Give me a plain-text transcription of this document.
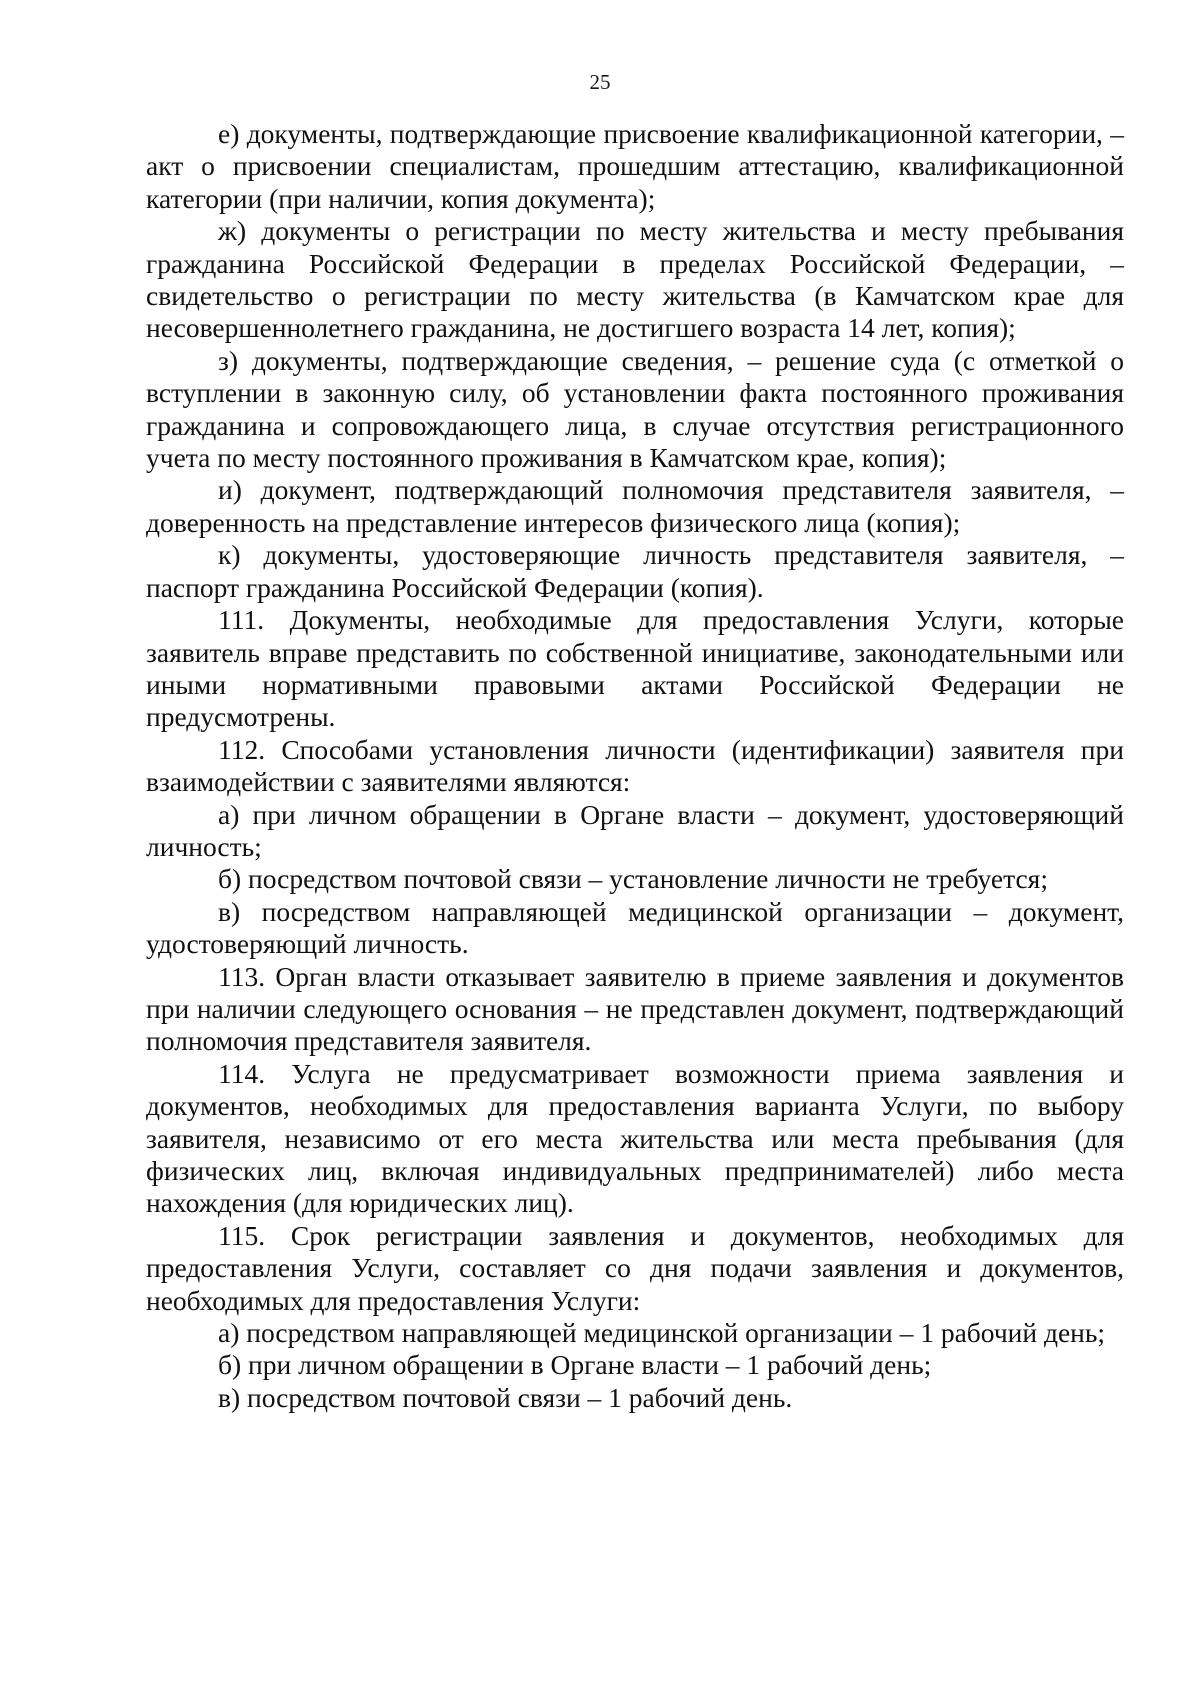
25

е) документы, подтверждающие присвоение квалификационной категории, – акт о присвоении специалистам, прошедшим аттестацию, квалификационной категории (при наличии, копия документа);

ж) документы о регистрации по месту жительства и месту пребывания гражданина Российской Федерации в пределах Российской Федерации, – свидетельство о регистрации по месту жительства (в Камчатском крае для несовершеннолетнего гражданина, не достигшего возраста 14 лет, копия);

з) документы, подтверждающие сведения, – решение суда (с отметкой о вступлении в законную силу, об установлении факта постоянного проживания гражданина и сопровождающего лица, в случае отсутствия регистрационного учета по месту постоянного проживания в Камчатском крае, копия);

и) документ, подтверждающий полномочия представителя заявителя, – доверенность на представление интересов физического лица (копия);

к) документы, удостоверяющие личность представителя заявителя, – паспорт гражданина Российской Федерации (копия).

111. Документы, необходимые для предоставления Услуги, которые заявитель вправе представить по собственной инициативе, законодательными или иными нормативными правовыми актами Российской Федерации не предусмотрены.

112. Способами установления личности (идентификации) заявителя при взаимодействии с заявителями являются:

а) при личном обращении в Органе власти – документ, удостоверяющий личность;

б) посредством почтовой связи – установление личности не требуется;

в) посредством направляющей медицинской организации – документ, удостоверяющий личность.

113. Орган власти отказывает заявителю в приеме заявления и документов при наличии следующего основания – не представлен документ, подтверждающий полномочия представителя заявителя.

114. Услуга не предусматривает возможности приема заявления и документов, необходимых для предоставления варианта Услуги, по выбору заявителя, независимо от его места жительства или места пребывания (для физических лиц, включая индивидуальных предпринимателей) либо места нахождения (для юридических лиц).

115. Срок регистрации заявления и документов, необходимых для предоставления Услуги, составляет со дня подачи заявления и документов, необходимых для предоставления Услуги:

а) посредством направляющей медицинской организации – 1 рабочий день;

б) при личном обращении в Органе власти – 1 рабочий день;

в) посредством почтовой связи – 1 рабочий день.
